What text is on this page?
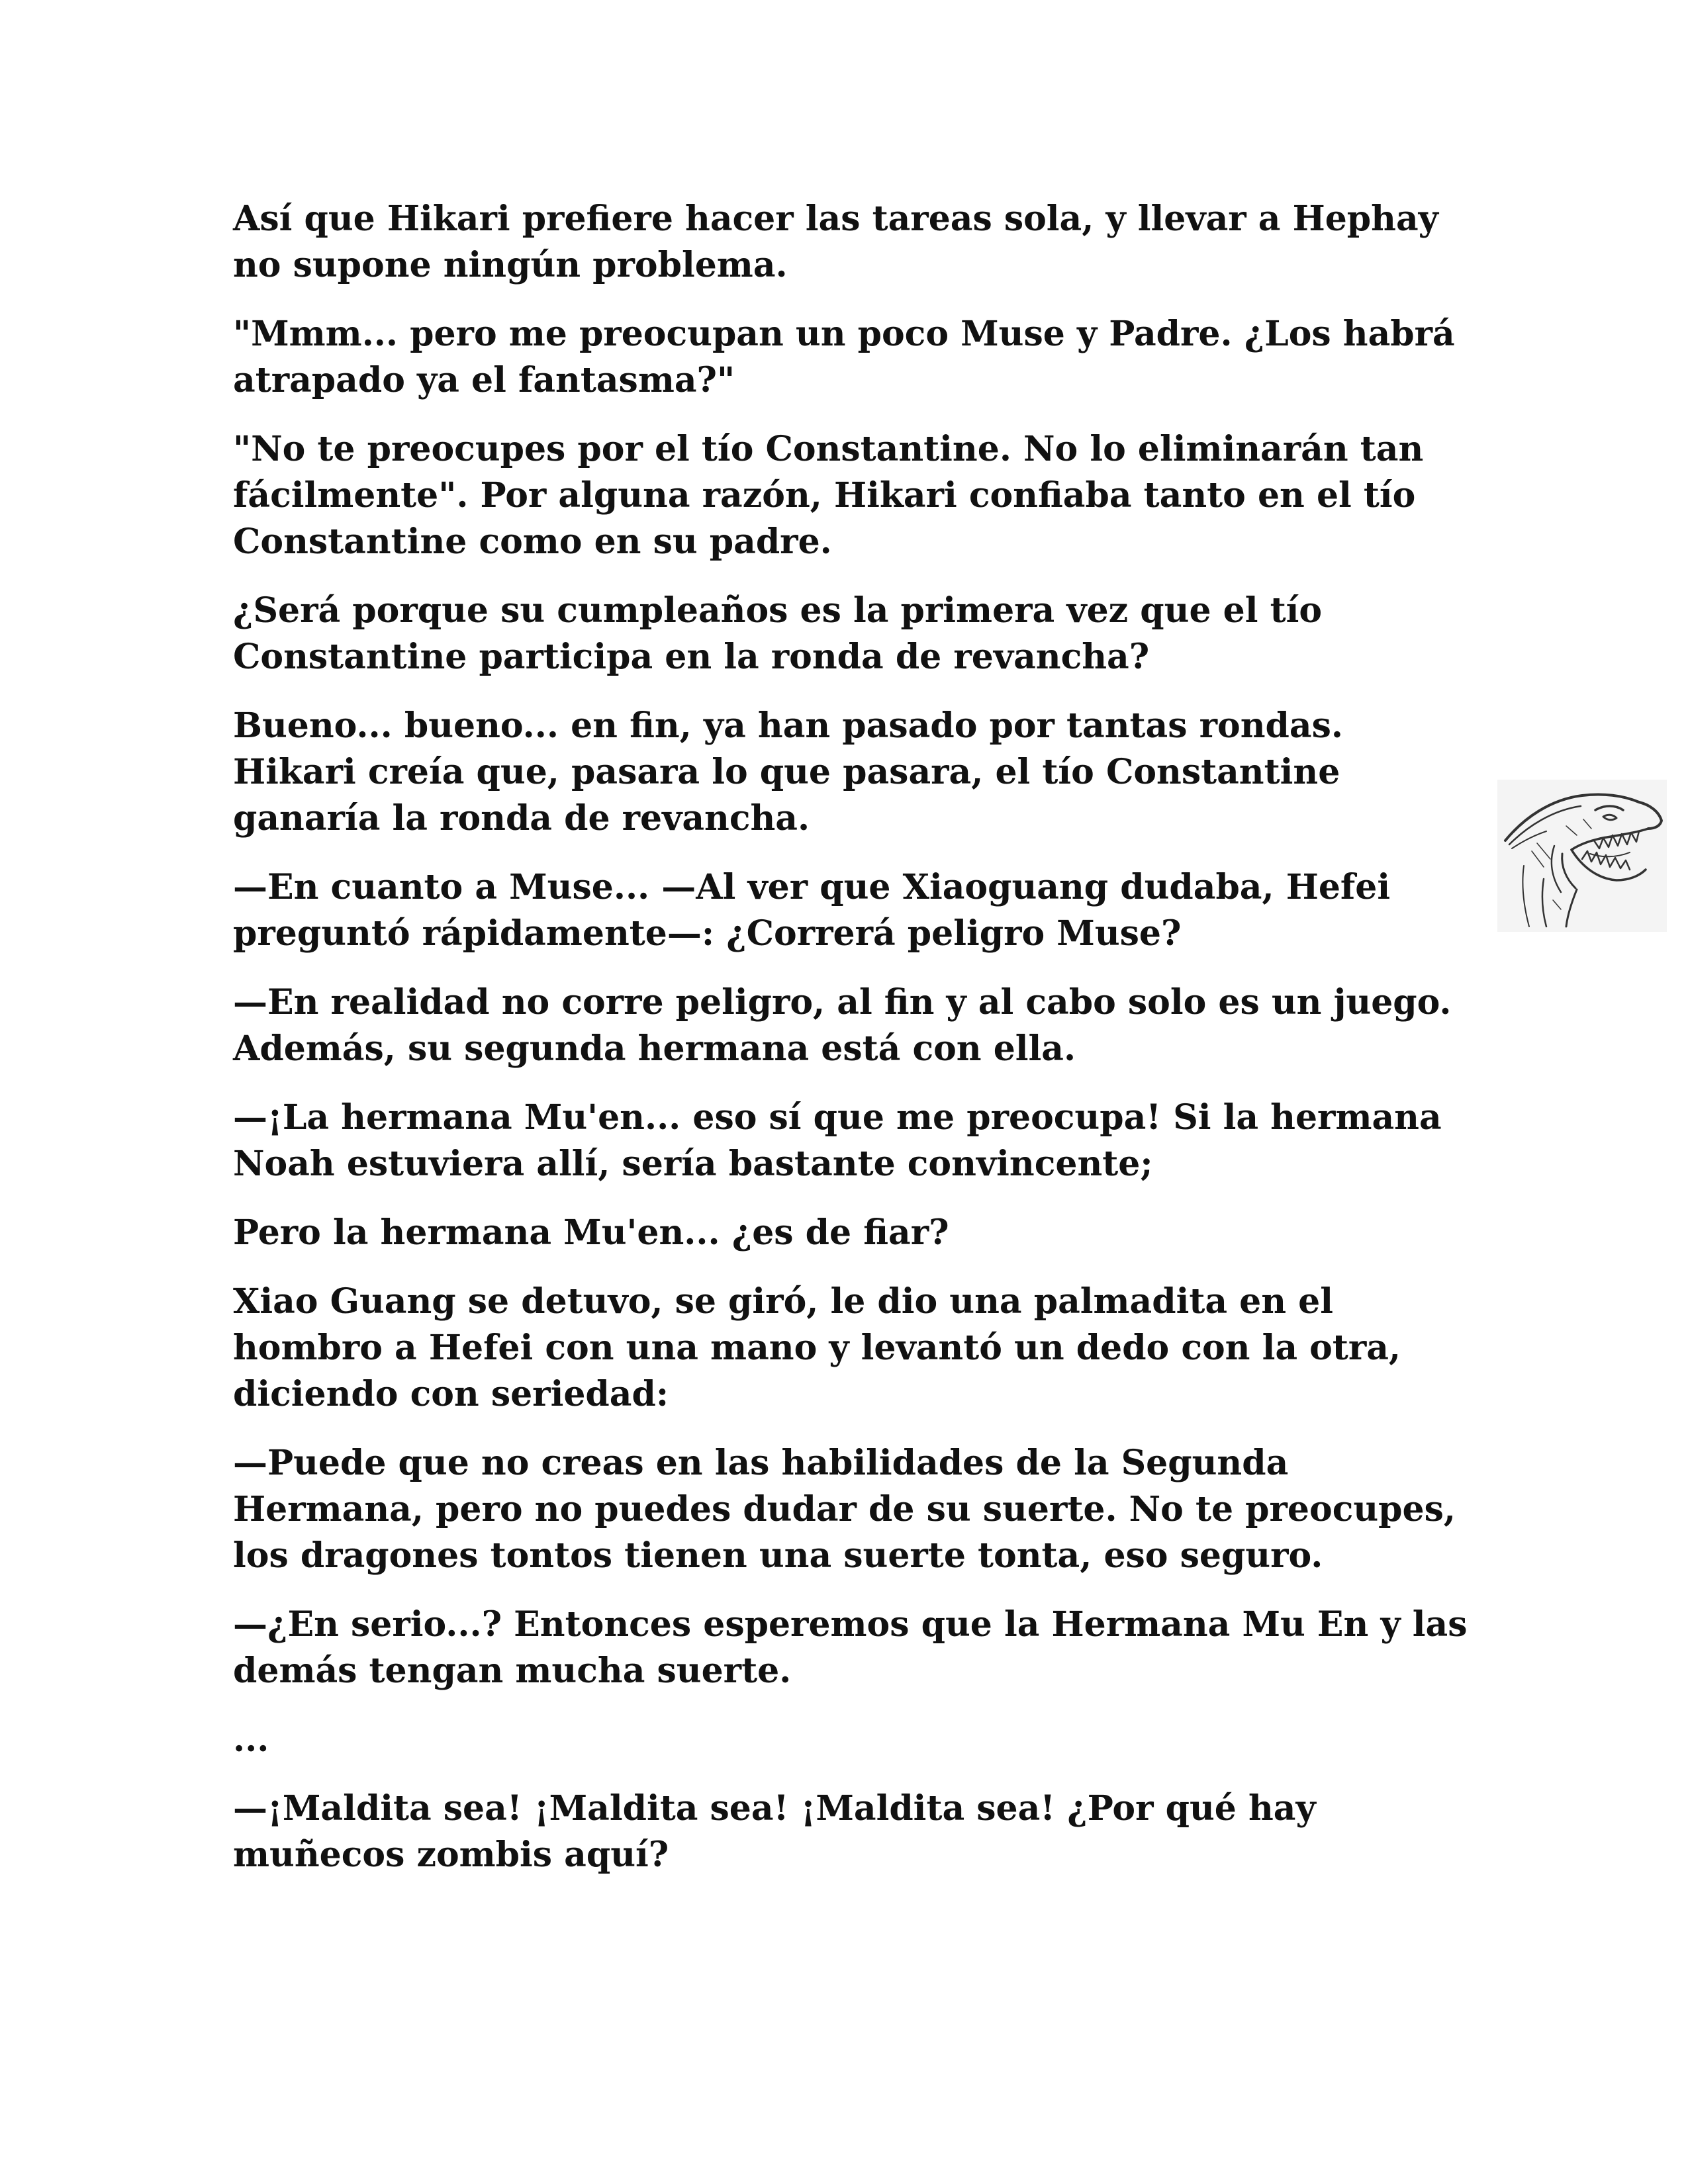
Así que Hikari prefiere hacer las tareas sola, y llevar a Hephay no supone ningún problema.

"Mmm... pero me preocupan un poco Muse y Padre. ¿Los habrá atrapado ya el fantasma?"

"No te preocupes por el tío Constantine. No lo eliminarán tan fácilmente". Por alguna razón, Hikari confiaba tanto en el tío Constantine como en su padre.

¿Será porque su cumpleaños es la primera vez que el tío Constantine participa en la ronda de revancha?

Bueno... bueno... en fin, ya han pasado por tantas rondas. Hikari creía que, pasara lo que pasara, el tío Constantine ganaría la ronda de revancha.

—En cuanto a Muse... —Al ver que Xiaoguang dudaba, Hefei preguntó rápidamente—: ¿Correrá peligro Muse?

—En realidad no corre peligro, al fin y al cabo solo es un juego. Además, su segunda hermana está con ella.

—¡La hermana Mu'en... eso sí que me preocupa! Si la hermana Noah estuviera allí, sería bastante convincente;

Pero la hermana Mu'en... ¿es de fiar?

Xiao Guang se detuvo, se giró, le dio una palmadita en el hombro a Hefei con una mano y levantó un dedo con la otra, diciendo con seriedad:

—Puede que no creas en las habilidades de la Segunda Hermana, pero no puedes dudar de su suerte. No te preocupes, los dragones tontos tienen una suerte tonta, eso seguro.

—¿En serio...? Entonces esperemos que la Hermana Mu En y las demás tengan mucha suerte.

...

—¡Maldita sea! ¡Maldita sea! ¡Maldita sea! ¿Por qué hay muñecos zombis aquí?
